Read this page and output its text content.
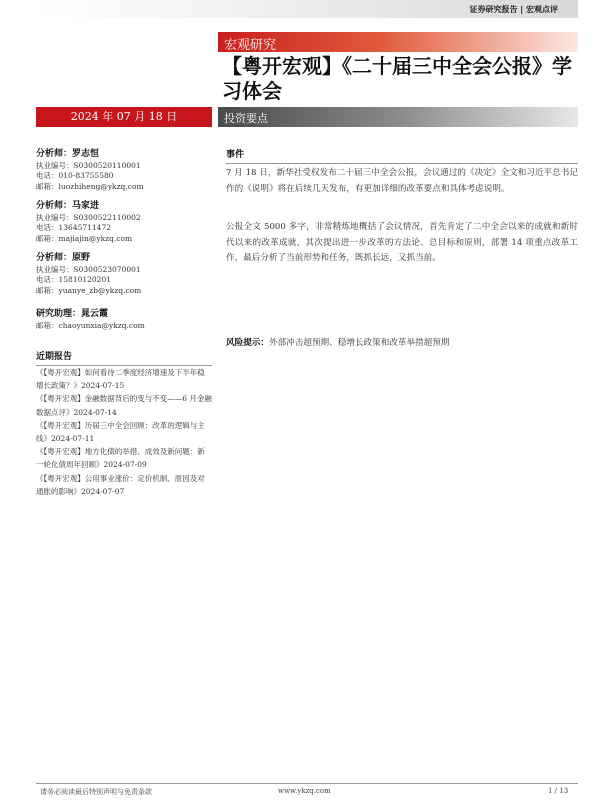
证券研究报告 | 宏观点评
宏观研究
【粤开宏观】《二十届三中全会公报》学习体会
2024 年 07 月 18 日	投资要点
分析师：罗志恒
执业编号：S0300520110001
电话：010-83755580
邮箱：luozhiheng@ykzq.com
分析师：马家进
执业编号：S0300522110002
电话：13645711472
邮箱：majiajin@ykzq.com
分析师：原野
执业编号：S0300523070001
电话：15810120201
邮箱：yuanye_zb@ykzq.com
研究助理：晁云霞
邮箱：chaoyunxia@ykzq.com
近期报告

《【粤开宏观】如何看待二季度经济增速及下半年稳增长政策？》2024-07-15

《【粤开宏观】金融数据背后的变与不变——6 月金融数据点评》2024-07-14

《【粤开宏观】历届三中全会回顾：改革的逻辑与主线》2024-07-11

《【粤开宏观】地方化债的举措、成效及新问题：新一轮化债周年回顾》2024-07-09

《【粤开宏观】公用事业涨价：定价机制、原因及对通胀的影响》2024-07-07

事件

7 月 18 日，新华社受权发布二十届三中全会公报，会议通过的《决定》全文和习近平总书记作的《说明》将在后续几天发布，有更加详细的改革要点和具体考虑说明。

公报全文 5000 多字，非常精炼地概括了会议情况，首先肯定了二中全会以来的成就和新时代以来的改革成就，其次提出进一步改革的方法论、总目标和原则，部署 14 项重点改革工作，最后分析了当前形势和任务，既抓长远，又抓当前。

风险提示：外部冲击超预期、稳增长政策和改革举措超预期
请务必阅读最后特别声明与免责条款	www.ykzq.com	1 / 13
